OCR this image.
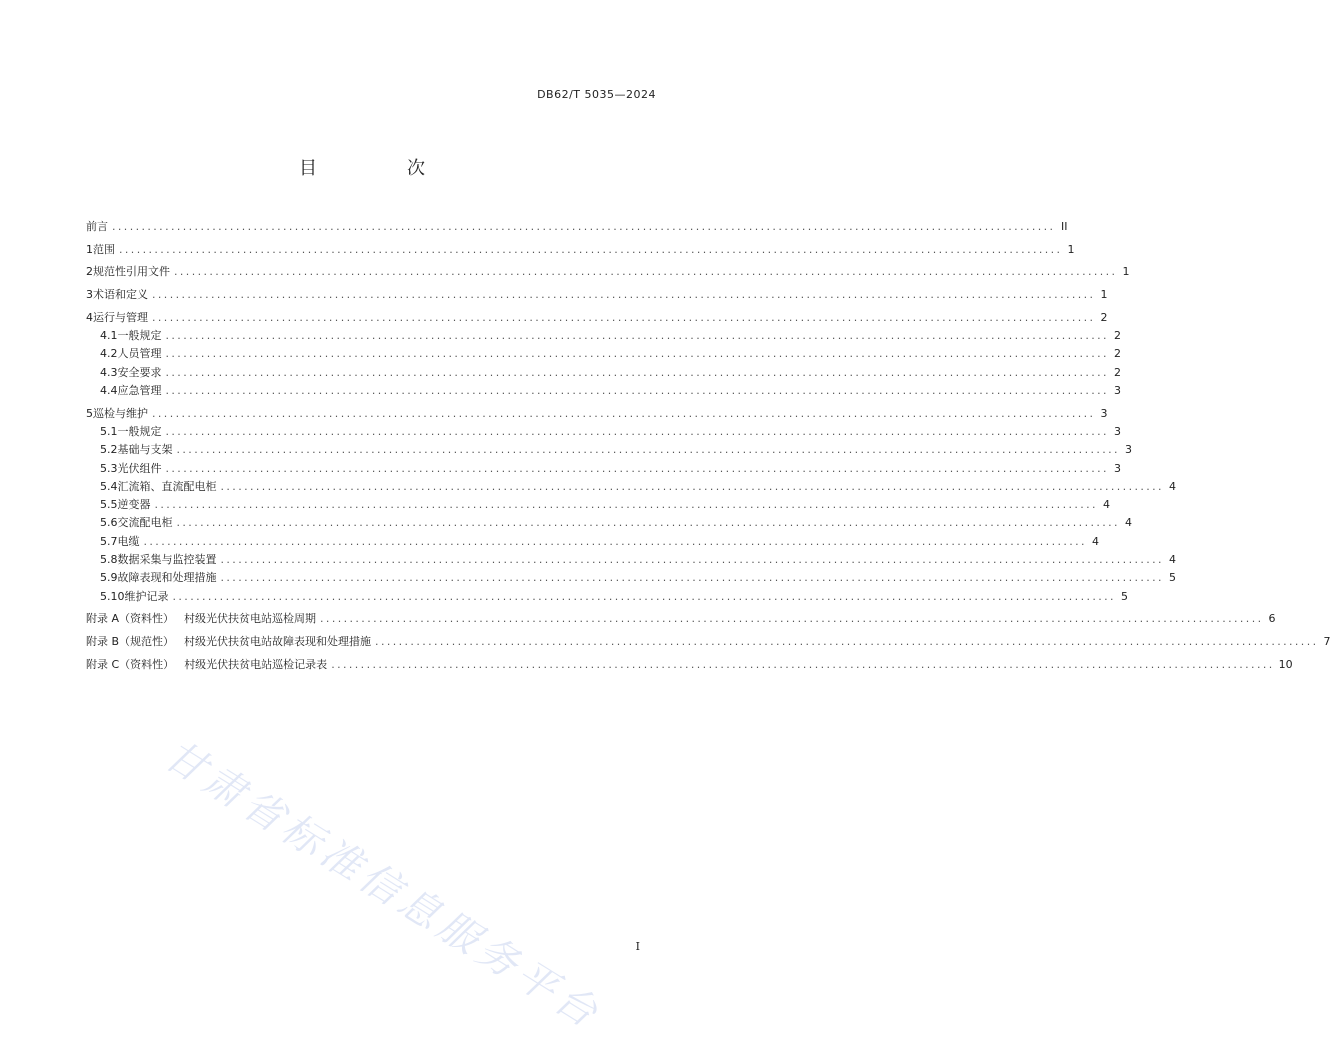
DB62/T 5035—2024
目　次
前言 ................................................................................................................................................................ II
1 范围 ................................................................................................................................................................ 1
2 规范性引用文件 ................................................................................................................................................................ 1
3 术语和定义 ................................................................................................................................................................ 1
4 运行与管理 ................................................................................................................................................................ 2
4.1 一般规定 ................................................................................................................................................................ 2
4.2 人员管理 ................................................................................................................................................................ 2
4.3 安全要求 ................................................................................................................................................................ 2
4.4 应急管理 ................................................................................................................................................................ 3
5 巡检与维护 ................................................................................................................................................................ 3
5.1 一般规定 ................................................................................................................................................................ 3
5.2 基础与支架 ................................................................................................................................................................ 3
5.3 光伏组件 ................................................................................................................................................................ 3
5.4 汇流箱、直流配电柜 ................................................................................................................................................................ 4
5.5 逆变器 ................................................................................................................................................................ 4
5.6 交流配电柜 ................................................................................................................................................................ 4
5.7 电缆 ................................................................................................................................................................ 4
5.8 数据采集与监控装置 ................................................................................................................................................................ 4
5.9 故障表现和处理措施 ................................................................................................................................................................ 5
5.10 维护记录 ................................................................................................................................................................ 5
附录 A（资料性） 村级光伏扶贫电站巡检周期 ................................................................................................................................................................ 6
附录 B（规范性） 村级光伏扶贫电站故障表现和处理措施 ................................................................................................................................................................ 7
附录 C（资料性） 村级光伏扶贫电站巡检记录表 ................................................................................................................................................................ 10
甘肃省标准信息服务平台	I
